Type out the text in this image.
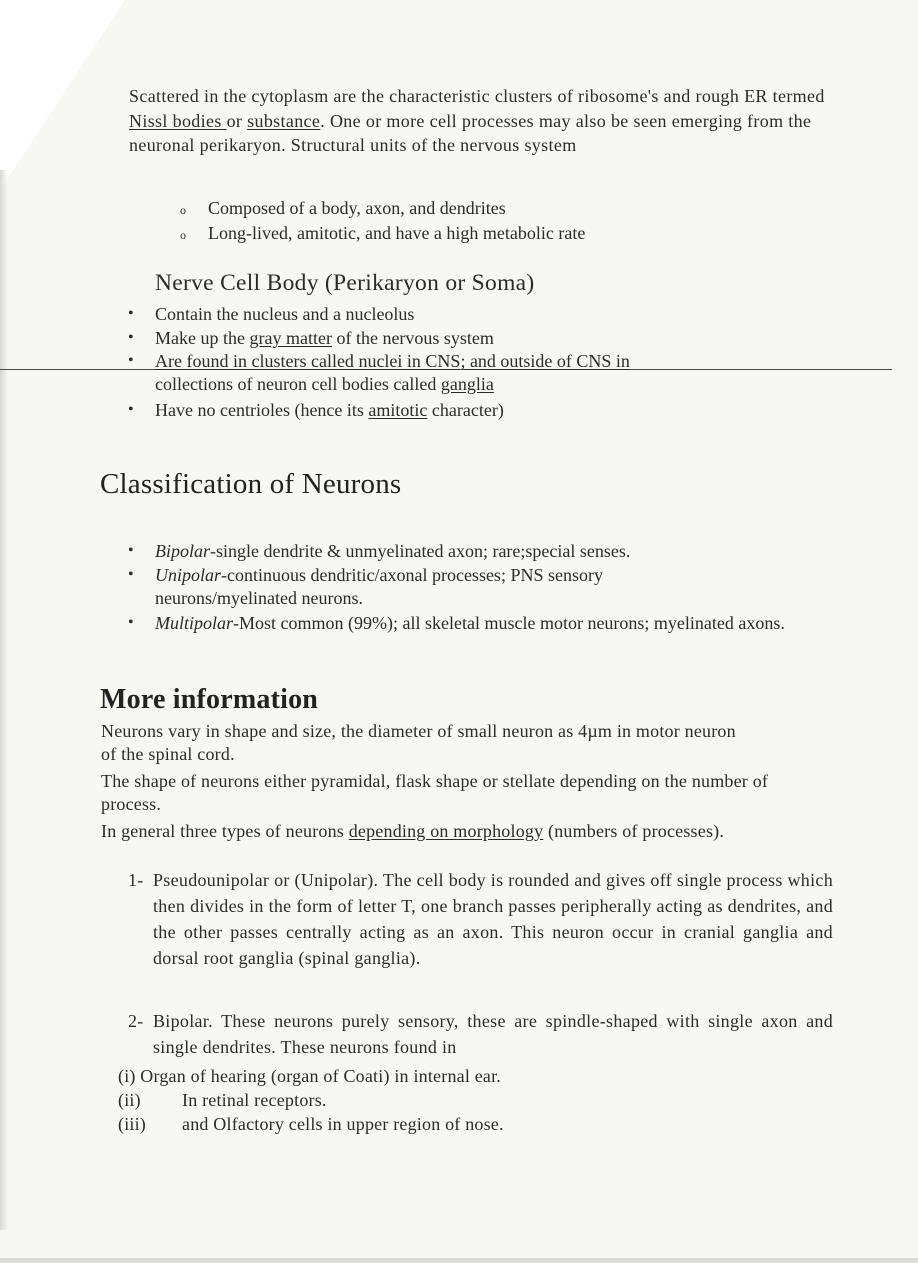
Scattered in the cytoplasm are the characteristic clusters of ribosome's and rough ER termed Nissl bodies or substance. One or more cell processes may also be seen emerging from the neuronal perikaryon. Structural units of the nervous system
o Composed of a body, axon, and dendrites
o Long-lived, amitotic, and have a high metabolic rate
Nerve Cell Body (Perikaryon or Soma)
• Contain the nucleus and a nucleolus
• Make up the gray matter of the nervous system
• Are found in clusters called nuclei in CNS; and outside of CNS in
collections of neuron cell bodies called ganglia
• Have no centrioles (hence its amitotic character)
Classification of Neurons
• Bipolar-single dendrite & unmyelinated axon; rare;special senses.
• Unipolar-continuous dendritic/axonal processes; PNS sensory neurons/myelinated neurons.
• Multipolar-Most common (99%); all skeletal muscle motor neurons; myelinated axons.
More information
Neurons vary in shape and size, the diameter of small neuron as 4µm in motor neuron of the spinal cord.
The shape of neurons either pyramidal, flask shape or stellate depending on the number of process.
In general three types of neurons depending on morphology (numbers of processes).
1- Pseudounipolar or (Unipolar). The cell body is rounded and gives off single process which then divides in the form of letter T, one branch passes peripherally acting as dendrites, and the other passes centrally acting as an axon. This neuron occur in cranial ganglia and dorsal root ganglia (spinal ganglia).
2- Bipolar. These neurons purely sensory, these are spindle-shaped with single axon and single dendrites. These neurons found in
(i) Organ of hearing (organ of Coati) in internal ear.
(ii) In retinal receptors.
(iii) and Olfactory cells in upper region of nose.
